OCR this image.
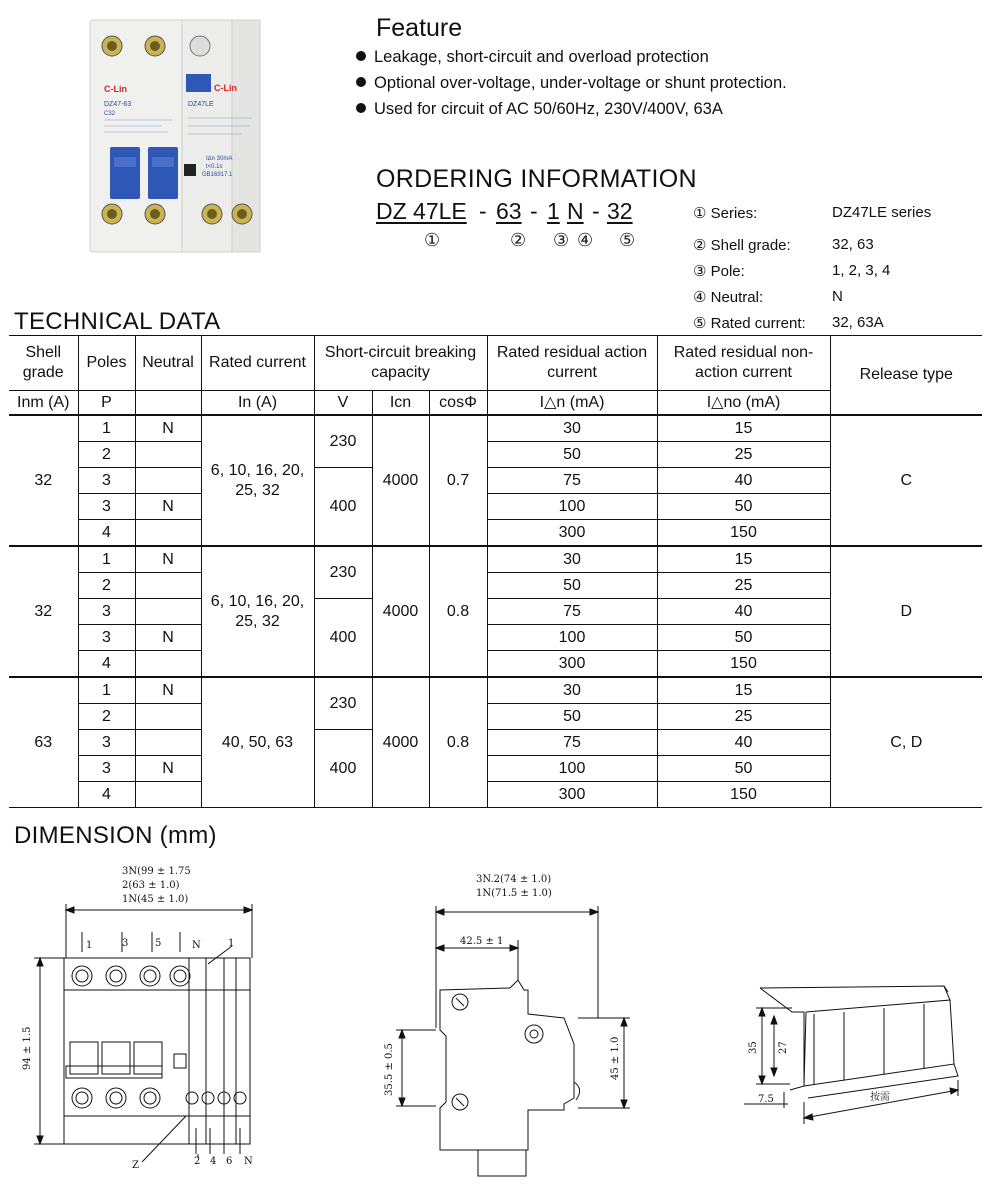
C-Lin	C-Lin
DZ47-63	DZ47LE
C32
IΔn 30mA
t<0.1s
GB16917.1
Feature
Leakage, short-circuit and overload protection
Optional over-voltage, under-voltage or shunt protection.
Used for circuit of AC 50/60Hz, 230V/400V, 63A
ORDERING INFORMATION
DZ 47LE - 63 - 1 N - 32
①	② ③ ④ ⑤
① Series:	DZ47LE series
② Shell grade:	32, 63
③ Pole:	1, 2, 3, 4
④ Neutral:	N
⑤ Rated current: 32, 63A
TECHNICAL DATA
Shell grade	Poles	Neutral	Rated current	Short-circuit breaking capacity			Rated residual action current	Rated residual non-action current	Release type
Inm (A)	P		In (A)	V	Icn	cosΦ	I△n (mA)	I△no (mA)	
32	1	N	6, 10, 16, 20, 25, 32	230	4000	0.7	30	15	C
	2						50	25	
	3			400			75	40	
	3	N					100	50	
	4						300	150	
32	1	N	6, 10, 16, 20, 25, 32	230	4000	0.8	30	15	D
	2						50	25	
	3			400			75	40	
	3	N					100	50	
	4						300	150	
63	1	N	40, 50, 63	230	4000	0.8	30	15	C, D
	2						50	25	
	3			400			75	40	
	3	N					100	50	
	4						300	150	
DIMENSION (mm)
3N(99 ± 1.75
2(63 ± 1.0)
1N(45 ± 1.0)
94 ± 1.5
1	3	5	N	1
2 4 6 N
Z
3N.2(74 ± 1.0)
1N(71.5 ± 1.0)
42.5 ± 1
35.5 ± 0.5	45 ± 1.0	35 27
7.5	按需
